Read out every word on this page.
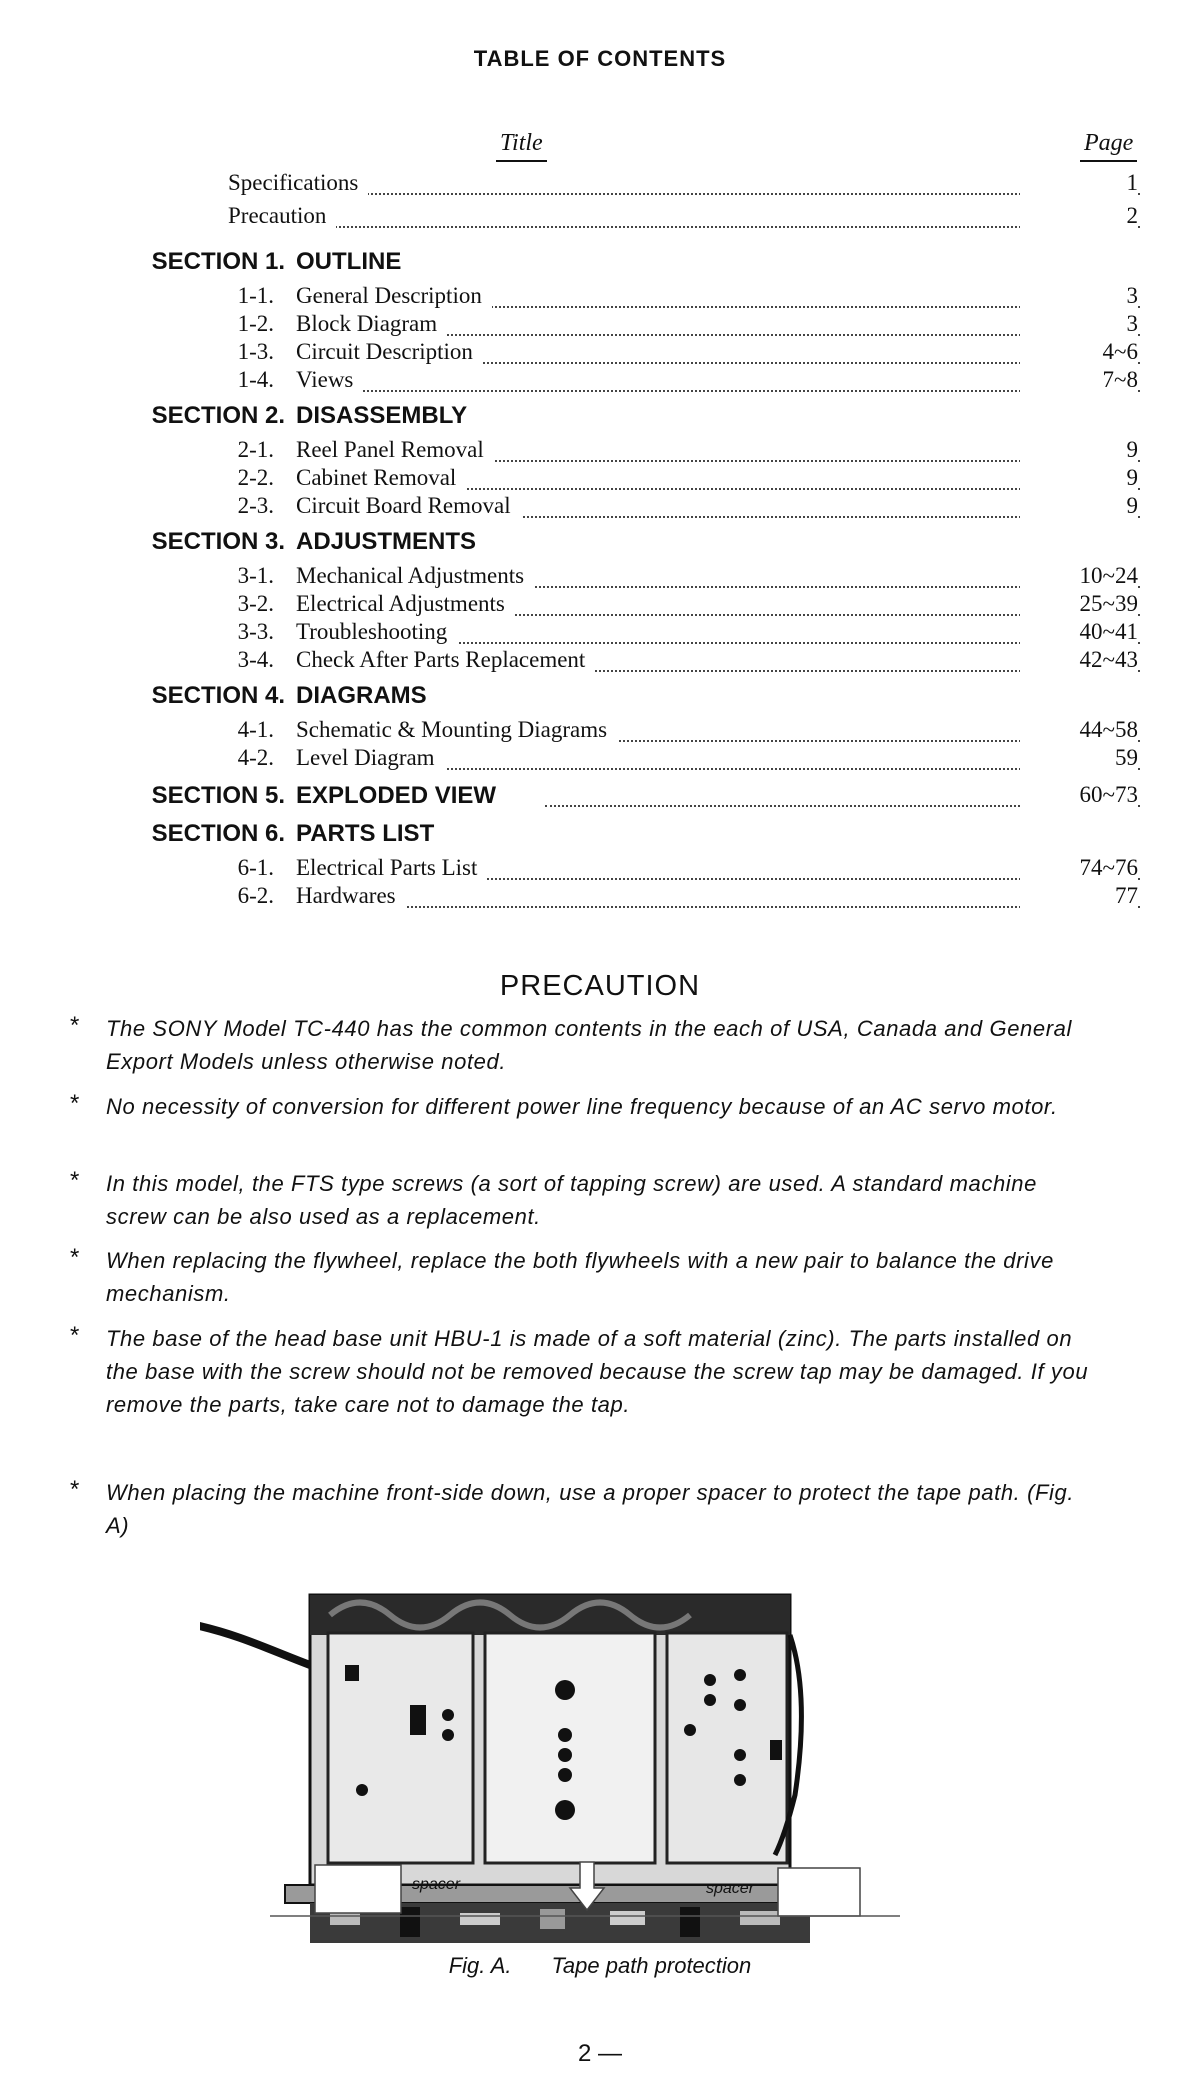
TABLE OF CONTENTS
Title	Page
Specifications	1
Precaution	2
SECTION 1. OUTLINE
1-1. General Description	3
1-2. Block Diagram	3
1-3. Circuit Description	4~6
1-4. Views	7~8
SECTION 2. DISASSEMBLY
2-1. Reel Panel Removal	9
2-2. Cabinet Removal	9
2-3. Circuit Board Removal	9
SECTION 3. ADJUSTMENTS
3-1. Mechanical Adjustments	10~24
3-2. Electrical Adjustments	25~39
3-3. Troubleshooting	40~41
3-4. Check After Parts Replacement	42~43
SECTION 4. DIAGRAMS
4-1. Schematic & Mounting Diagrams	44~58
4-2. Level Diagram	59
SECTION 5. EXPLODED VIEW	60~73
SECTION 6. PARTS LIST
6-1. Electrical Parts List	74~76
6-2. Hardwares	77
PRECAUTION
* The SONY Model TC-440 has the common contents in the each of USA, Canada and General Export Models unless otherwise noted.
* No necessity of conversion for different power line frequency because of an AC servo motor.
* In this model, the FTS type screws (a sort of tapping screw) are used. A standard machine screw can be also used as a replacement.
* When replacing the flywheel, replace the both flywheels with a new pair to balance the drive mechanism.
* The base of the head base unit HBU-1 is made of a soft material (zinc). The parts installed on the base with the screw should not be removed because the screw tap may be damaged. If you remove the parts, take care not to damage the tap.
* When placing the machine front-side down, use a proper spacer to protect the tape path. (Fig. A)
spacer	spacer
Fig. A. Tape path protection
2 —
